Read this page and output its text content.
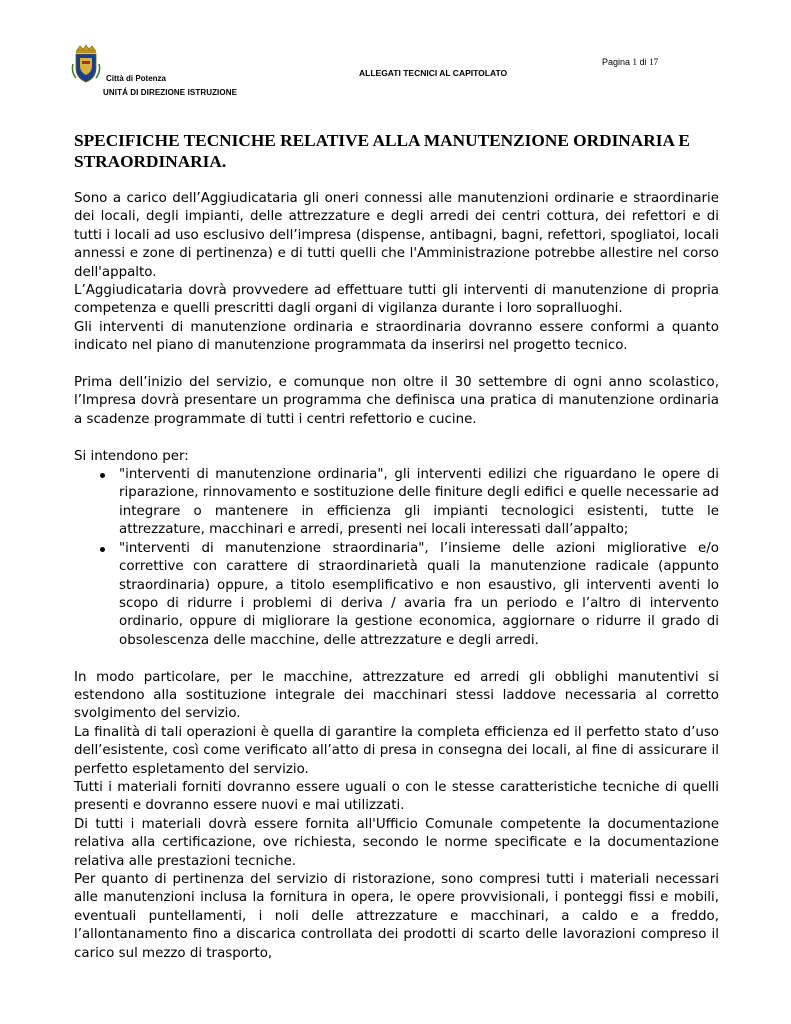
Città di Potenza
UNITÁ DI DIREZIONE ISTRUZIONE
ALLEGATI TECNICI AL CAPITOLATO
Pagina 1 di 17
SPECIFICHE TECNICHE RELATIVE ALLA MANUTENZIONE ORDINARIA E STRAORDINARIA.

Sono a carico dell’Aggiudicataria gli oneri connessi alle manutenzioni ordinarie e straordinarie dei locali, degli impianti, delle attrezzature e degli arredi dei centri cottura, dei refettori e di tutti i locali ad uso esclusivo dell’impresa (dispense, antibagni, bagni, refettori, spogliatoi, locali annessi e zone di pertinenza) e di tutti quelli che l'Amministrazione potrebbe allestire nel corso dell'appalto.

L’Aggiudicataria dovrà provvedere ad effettuare tutti gli interventi di manutenzione di propria competenza e quelli prescritti dagli organi di vigilanza durante i loro sopralluoghi.

Gli interventi di manutenzione ordinaria e straordinaria dovranno essere conformi a quanto indicato nel piano di manutenzione programmata da inserirsi nel progetto tecnico.

Prima dell’inizio del servizio, e comunque non oltre il 30 settembre di ogni anno scolastico, l’Impresa dovrà presentare un programma che definisca una pratica di manutenzione ordinaria a scadenze programmate di tutti i centri refettorio e cucine.

Si intendono per:

"interventi di manutenzione ordinaria", gli interventi edilizi che riguardano le opere di riparazione, rinnovamento e sostituzione delle finiture degli edifici e quelle necessarie ad integrare o mantenere in efficienza gli impianti tecnologici esistenti, tutte le attrezzature, macchinari e arredi, presenti nei locali interessati dall’appalto;
"interventi di manutenzione straordinaria", l’insieme delle azioni migliorative e/o correttive con carattere di straordinarietà quali la manutenzione radicale (appunto straordinaria) oppure, a titolo esemplificativo e non esaustivo, gli interventi aventi lo scopo di ridurre i problemi di deriva / avaria fra un periodo e l’altro di intervento ordinario, oppure di migliorare la gestione economica, aggiornare o ridurre il grado di obsolescenza delle macchine, delle attrezzature e degli arredi.

In modo particolare, per le macchine, attrezzature ed arredi gli obblighi manutentivi si estendono alla sostituzione integrale dei macchinari stessi laddove necessaria al corretto svolgimento del servizio.

La finalità di tali operazioni è quella di garantire la completa efficienza ed il perfetto stato d’uso dell’esistente, così come verificato all’atto di presa in consegna dei locali, al fine di assicurare il perfetto espletamento del servizio.

Tutti i materiali forniti dovranno essere uguali o con le stesse caratteristiche tecniche di quelli presenti e dovranno essere nuovi e mai utilizzati.

Di tutti i materiali dovrà essere fornita all'Ufficio Comunale competente la documentazione relativa alla certificazione, ove richiesta, secondo le norme specificate e la documentazione relativa alle prestazioni tecniche.

Per quanto di pertinenza del servizio di ristorazione, sono compresi tutti i materiali necessari alle manutenzioni inclusa la fornitura in opera, le opere provvisionali, i ponteggi fissi e mobili, eventuali puntellamenti, i noli delle attrezzature e macchinari, a caldo e a freddo, l’allontanamento fino a discarica controllata dei prodotti di scarto delle lavorazioni compreso il carico sul mezzo di trasporto,
